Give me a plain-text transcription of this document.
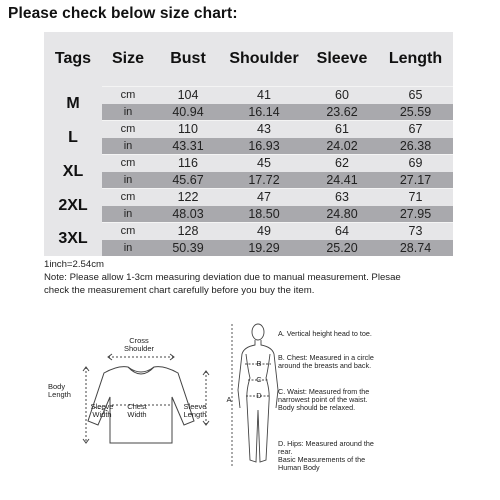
Please check below size chart:
Tags	Size	Bust	Shoulder	Sleeve	Length
M	cm	104	41	60	65
	in	40.94	16.14	23.62	25.59
L	cm	110	43	61	67
	in	43.31	16.93	24.02	26.38
XL	cm	116	45	62	69
	in	45.67	17.72	24.41	27.17
2XL	cm	122	47	63	71
	in	48.03	18.50	24.80	27.95
3XL	cm	128	49	64	73
	in	50.39	19.29	25.20	28.74
1inch=2.54cm
Note: Please allow 1-3cm measuring deviation due to manual measurement. Plesae
check the measurement chart carefully before you buy the item.
Cross Shoulder
Body Length
Sleeve Width
Chest Width
Sleeve Length
A
B
C
D
A. Vertical height head to toe.
B. Chest: Measured in a circle around the breasts and back.
C. Waist: Measured from the narrowest point of the waist. Body should be relaxed.
D. Hips: Measured around the rear.
Basic Measurements of the Human Body
